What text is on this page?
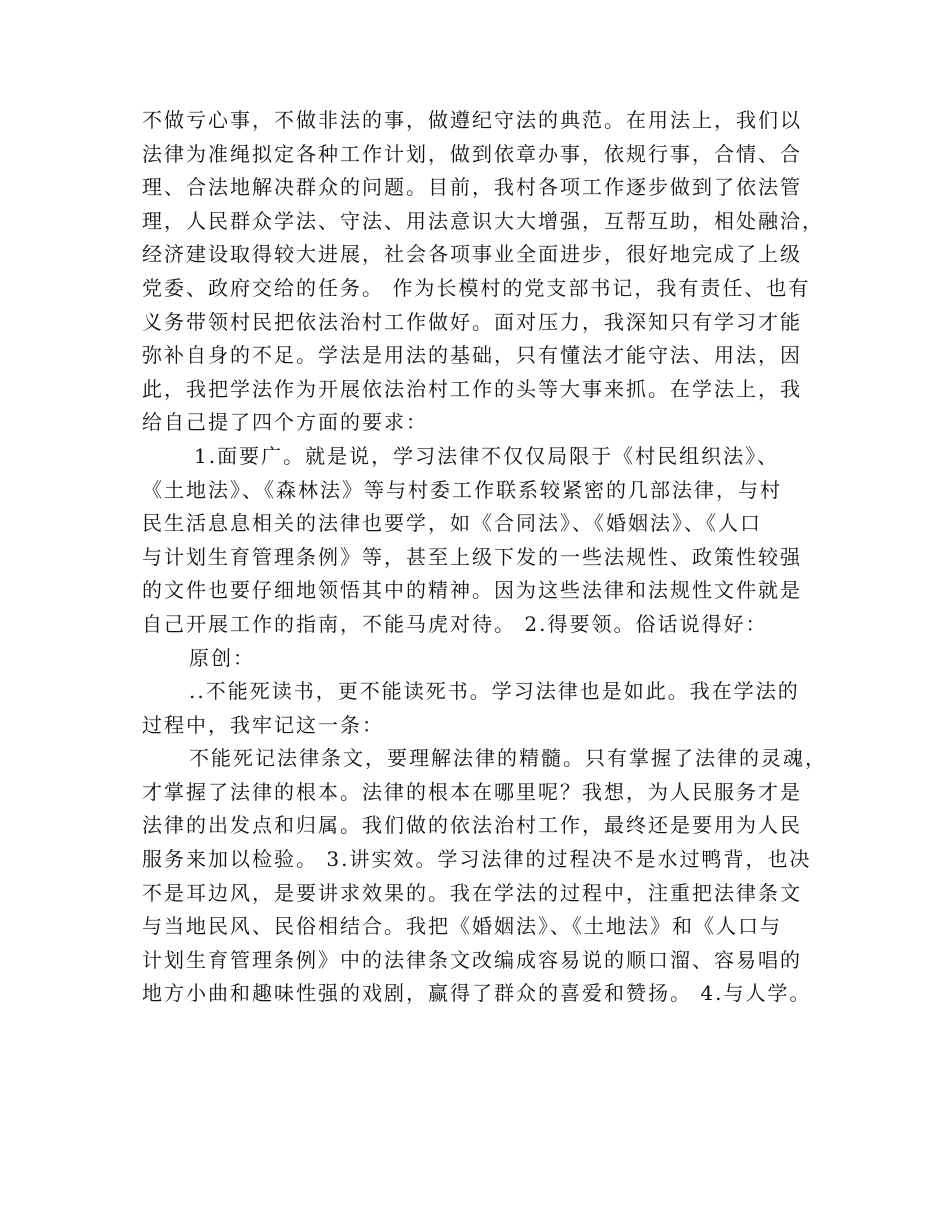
不做亏心事，不做非法的事，做遵纪守法的典范。在用法上，我们以
法律为准绳拟定各种工作计划，做到依章办事，依规行事，合情、合
理、合法地解决群众的问题。目前，我村各项工作逐步做到了依法管
理，人民群众学法、守法、用法意识大大增强，互帮互助，相处融洽，
经济建设取得较大进展，社会各项事业全面进步，很好地完成了上级
党委、政府交给的任务。 作为长模村的党支部书记，我有责任、也有
义务带领村民把依法治村工作做好。面对压力，我深知只有学习才能
弥补自身的不足。学法是用法的基础，只有懂法才能守法、用法，因
此，我把学法作为开展依法治村工作的头等大事来抓。在学法上，我
给自己提了四个方面的要求：
1.面要广。就是说，学习法律不仅仅局限于《村民组织法》、
《土地法》、《森林法》等与村委工作联系较紧密的几部法律，与村
民生活息息相关的法律也要学，如《合同法》、《婚姻法》、《人口
与计划生育管理条例》等，甚至上级下发的一些法规性、政策性较强
的文件也要仔细地领悟其中的精神。因为这些法律和法规性文件就是
自己开展工作的指南，不能马虎对待。 2.得要领。俗话说得好：
原创：
..不能死读书，更不能读死书。学习法律也是如此。我在学法的
过程中，我牢记这一条：
不能死记法律条文，要理解法律的精髓。只有掌握了法律的灵魂，
才掌握了法律的根本。法律的根本在哪里呢？我想，为人民服务才是
法律的出发点和归属。我们做的依法治村工作，最终还是要用为人民
服务来加以检验。 3.讲实效。学习法律的过程决不是水过鸭背，也决
不是耳边风，是要讲求效果的。我在学法的过程中，注重把法律条文
与当地民风、民俗相结合。我把《婚姻法》、《土地法》和《人口与
计划生育管理条例》中的法律条文改编成容易说的顺口溜、容易唱的
地方小曲和趣味性强的戏剧，赢得了群众的喜爱和赞扬。 4.与人学。
